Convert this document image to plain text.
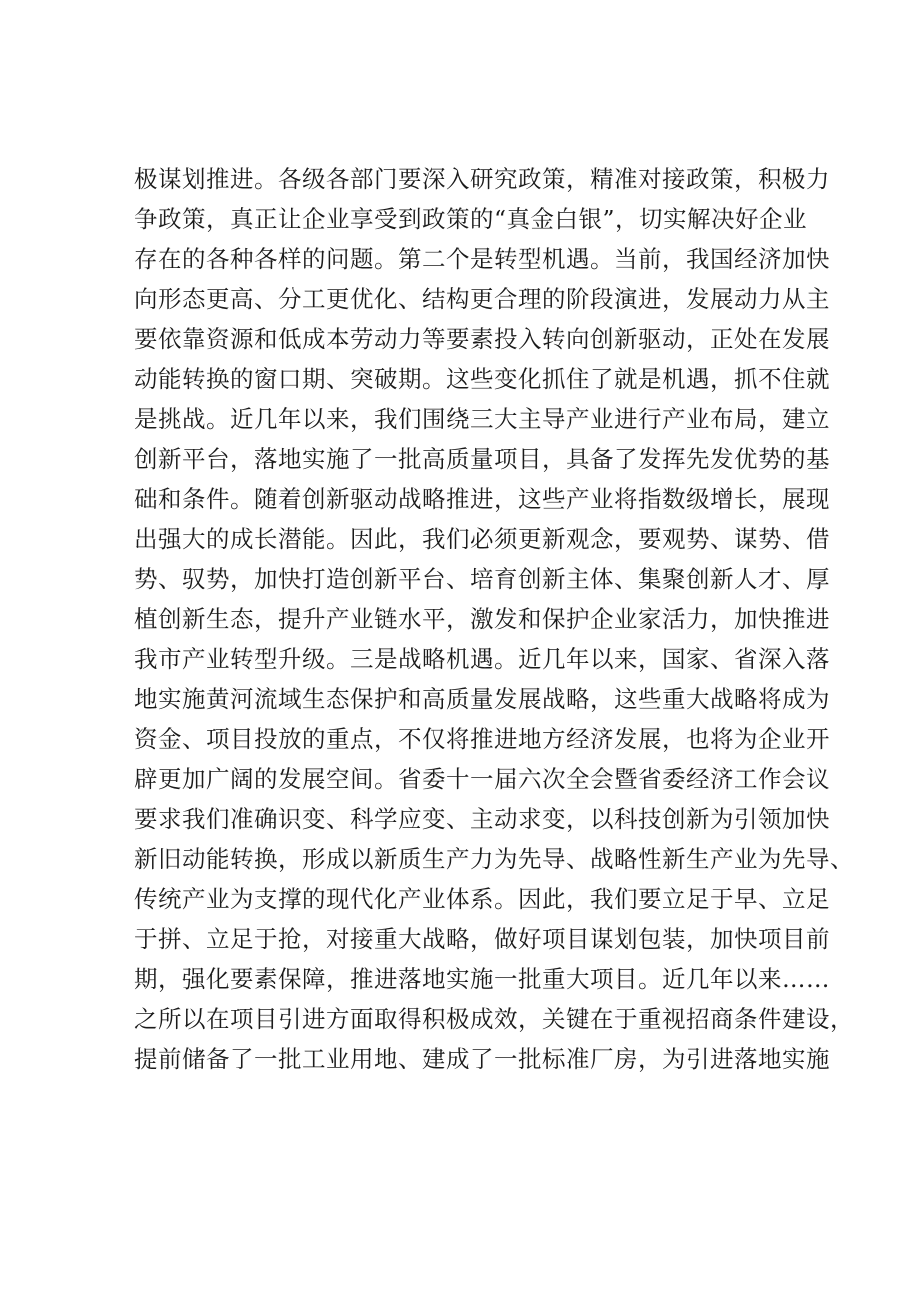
极谋划推进。各级各部门要深入研究政策，精准对接政策，积极力
争政策，真正让企业享受到政策的“真金白银”，切实解决好企业
存在的各种各样的问题。第二个是转型机遇。当前，我国经济加快
向形态更高、分工更优化、结构更合理的阶段演进，发展动力从主
要依靠资源和低成本劳动力等要素投入转向创新驱动，正处在发展
动能转换的窗口期、突破期。这些变化抓住了就是机遇，抓不住就
是挑战。近几年以来，我们围绕三大主导产业进行产业布局，建立
创新平台，落地实施了一批高质量项目，具备了发挥先发优势的基
础和条件。随着创新驱动战略推进，这些产业将指数级增长，展现
出强大的成长潜能。因此，我们必须更新观念，要观势、谋势、借
势、驭势，加快打造创新平台、培育创新主体、集聚创新人才、厚
植创新生态，提升产业链水平，激发和保护企业家活力，加快推进
我市产业转型升级。三是战略机遇。近几年以来，国家、省深入落
地实施黄河流域生态保护和高质量发展战略，这些重大战略将成为
资金、项目投放的重点，不仅将推进地方经济发展，也将为企业开
辟更加广阔的发展空间。省委十一届六次全会暨省委经济工作会议
要求我们准确识变、科学应变、主动求变，以科技创新为引领加快
新旧动能转换，形成以新质生产力为先导、战略性新生产业为先导、
传统产业为支撑的现代化产业体系。因此，我们要立足于早、立足
于拼、立足于抢，对接重大战略，做好项目谋划包装，加快项目前
期，强化要素保障，推进落地实施一批重大项目。近几年以来……
之所以在项目引进方面取得积极成效，关键在于重视招商条件建设，
提前储备了一批工业用地、建成了一批标准厂房，为引进落地实施
